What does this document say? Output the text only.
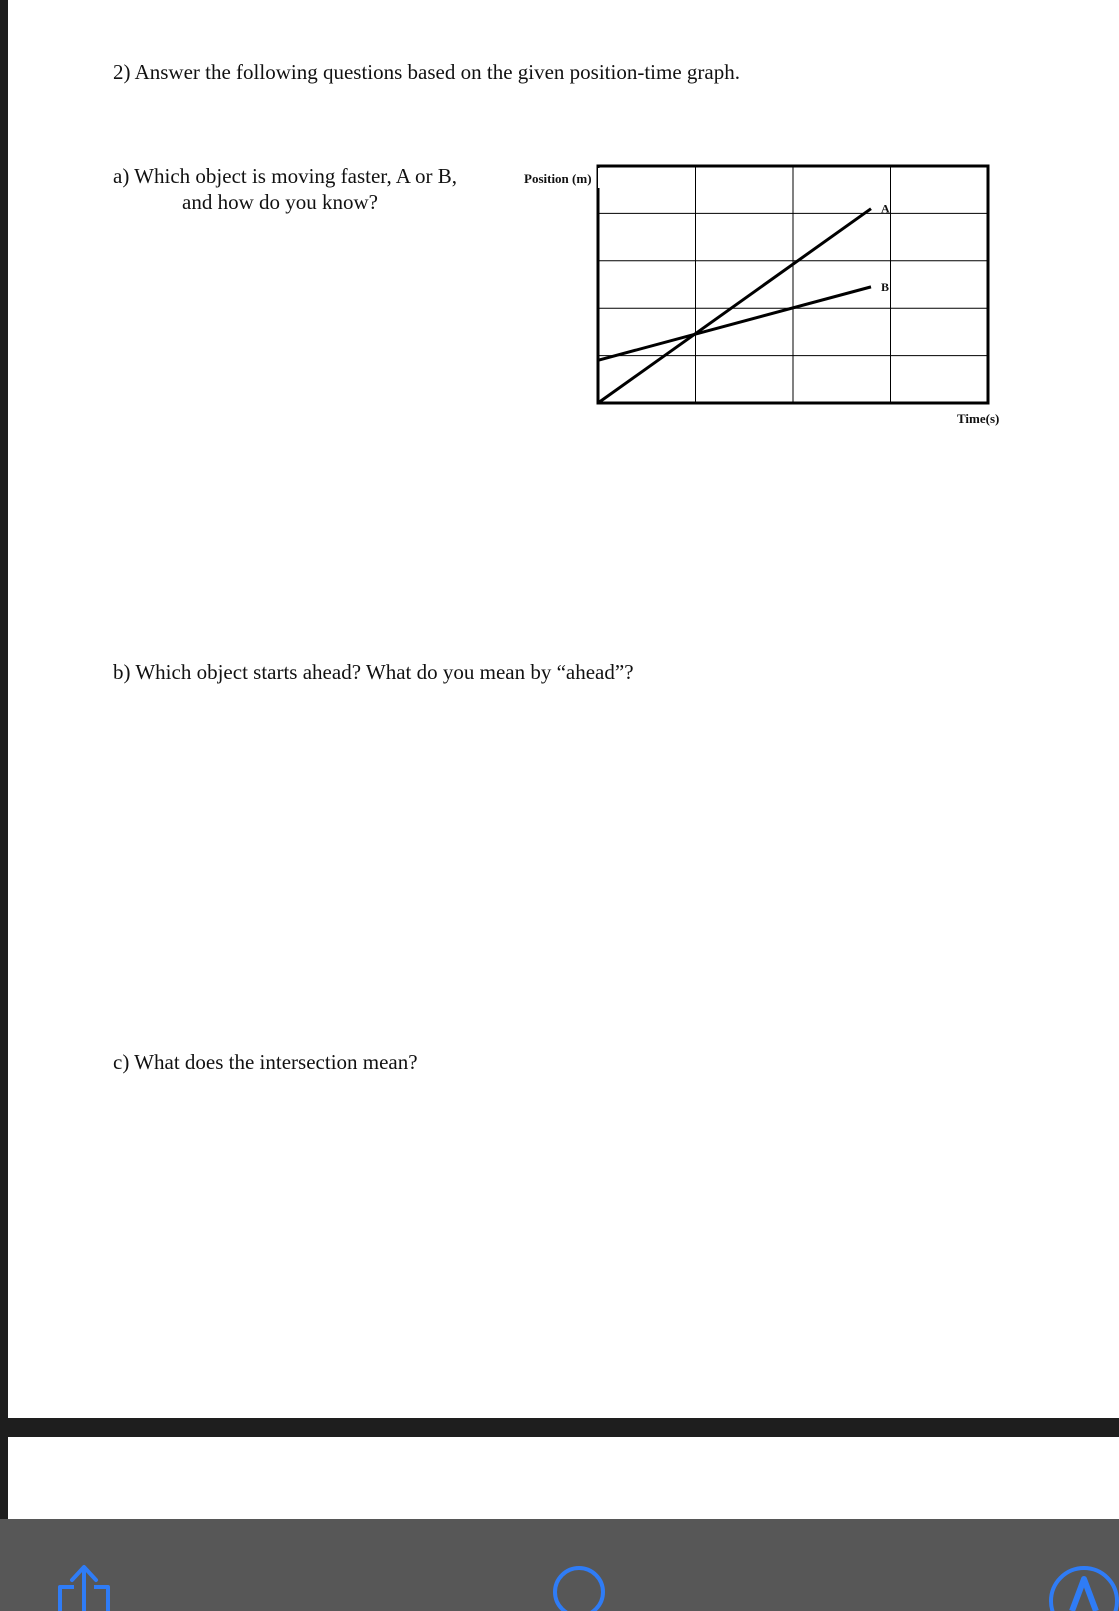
2) Answer the following questions based on the given position-time graph.
a) Which object is moving faster, A or B,
and how do you know?
b) Which object starts ahead? What do you mean by “ahead”?
c) What does the intersection mean?
A
B
Position (m)
Time(s)
